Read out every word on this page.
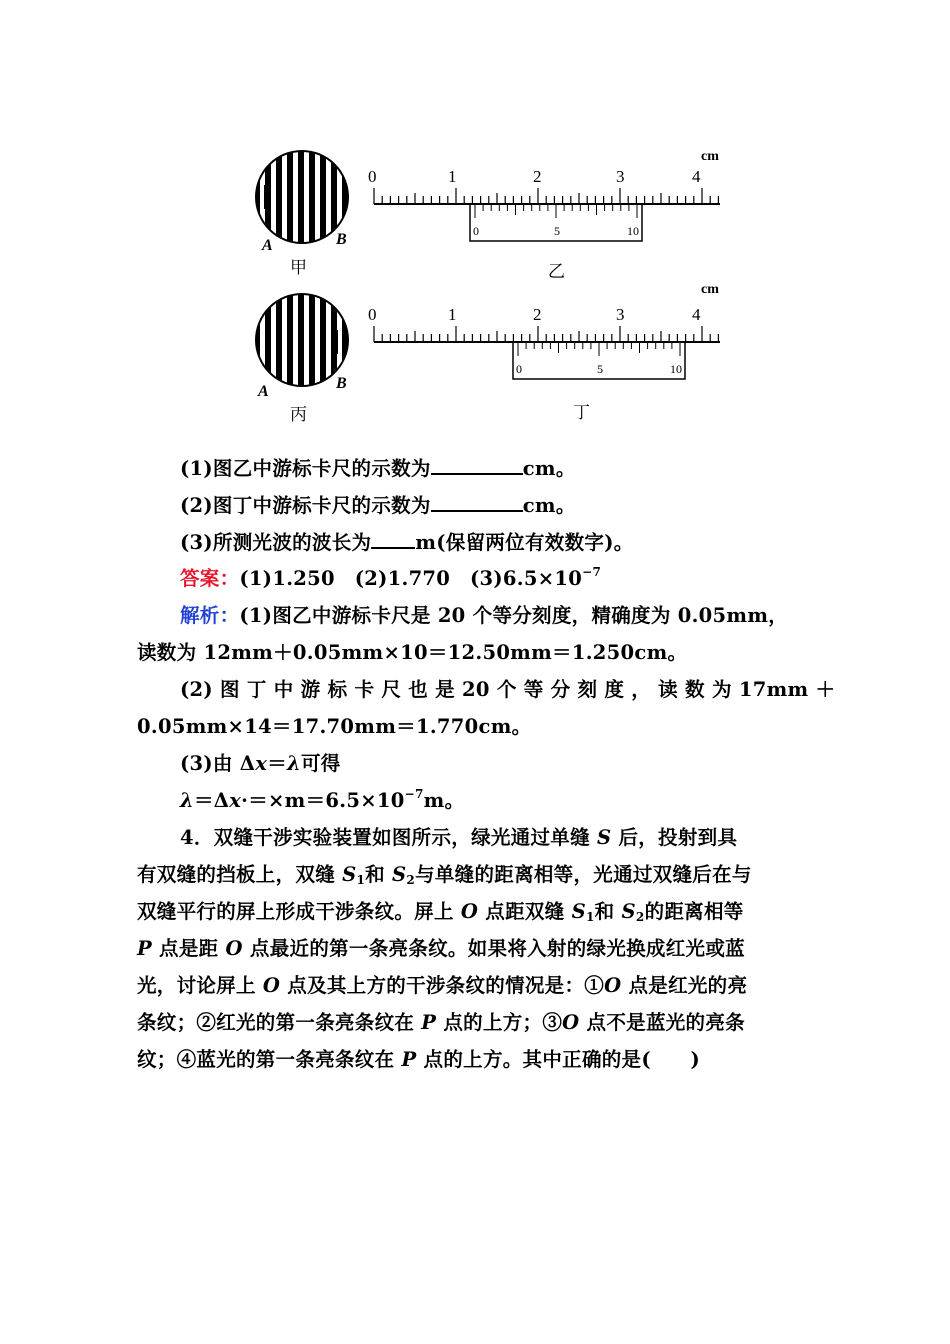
A	B
甲
A	B
丙
cm
乙
0	1	2	3	4
0	5	10
cm
丁
0	1	2	3	4
0	5	10
(1)图乙中游标卡尺的示数为	cm。
(2)图丁中游标卡尺的示数为	cm。
(3)所测光波的波长为 m(保留两位有效数字)。
答案：(1)1.250　(2)1.770　$(3)6.5\times 10^{-7}$
解析：(1)图乙中游标卡尺是 20 个等分刻度，精确度为 0.05mm，
读数为 12mm＋0.05mm×10＝12.50mm＝1.250cm。
(2) 图 丁 中 游 标 卡 尺 也 是 20 个 等 分 刻 度 ， 读 数 为 17mm ＋
0.05mm×14＝17.70mm＝1.770cm。
(3)由 Δx＝λ可得
$\lambda=\Delta x\cdot=\times m=6.5\times 10^{-7}m$。
4．双缝干涉实验装置如图所示，绿光通过单缝 S 后，投射到具
有双缝的挡板上，双缝 $S_1$和 $S_2$与单缝的距离相等，光通过双缝后在与
双缝平行的屏上形成干涉条纹。屏上 O 点距双缝 $S_1$和 $S_2$的距离相等
P 点是距 O 点最近的第一条亮条纹。如果将入射的绿光换成红光或蓝
光，讨论屏上 O 点及其上方的干涉条纹的情况是：①O 点是红光的亮
条纹；②红光的第一条亮条纹在 P 点的上方；③O 点不是蓝光的亮条
纹；④蓝光的第一条亮条纹在 P 点的上方。其中正确的是(　　)
